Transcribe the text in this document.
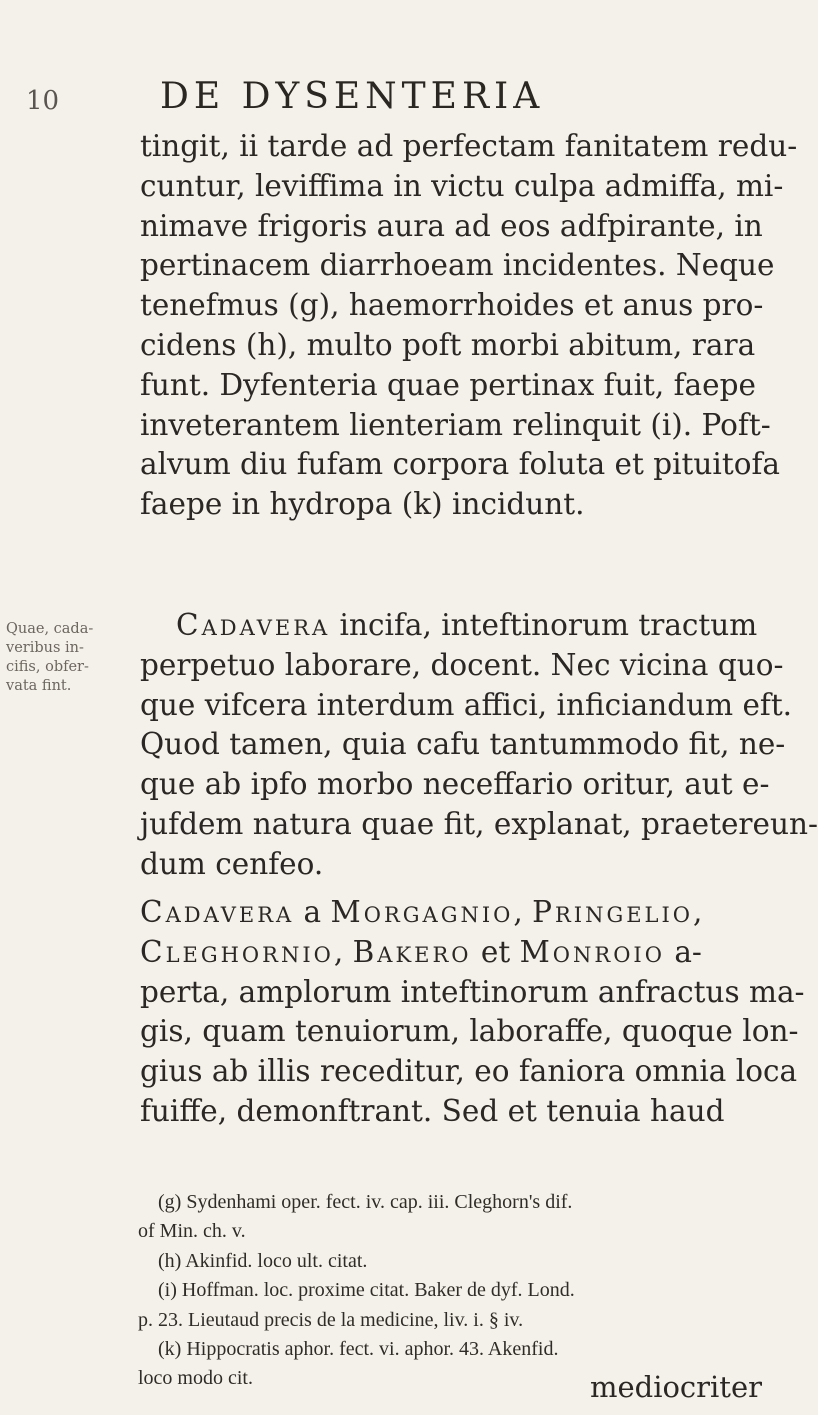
10	DE DYSENTERIA
tingit, ii tarde ad perfectam fanitatem redu-
cuntur, leviffima in victu culpa admiffa, mi-
nimave frigoris aura ad eos adfpirante, in
pertinacem diarrhoeam incidentes. Neque
tenefmus (g), haemorrhoides et anus pro-
cidens (h), multo poft morbi abitum, rara
funt. Dyfenteria quae pertinax fuit, faepe
inveterantem lienteriam relinquit (i). Poft-
alvum diu fufam corpora foluta et pituitofa
faepe in hydropa (k) incidunt.
Quae, cada-
veribus in-
cifis, obfer-
vata fint.
Cadavera incifa, inteftinorum tractum
perpetuo laborare, docent. Nec vicina quo-
que vifcera interdum affici, inficiandum eft.
Quod tamen, quia cafu tantummodo fit, ne-
que ab ipfo morbo neceffario oritur, aut e-
jufdem natura quae fit, explanat, praetereun-
dum cenfeo.
Cadavera a Morgagnio, Pringelio,
Cleghornio, Bakero et Monroio a-
perta, amplorum inteftinorum anfractus ma-
gis, quam tenuiorum, laboraffe, quoque lon-
gius ab illis receditur, eo faniora omnia loca
fuiffe, demonftrant. Sed et tenuia haud
(g) Sydenhami oper. fect. iv. cap. iii. Cleghorn's dif.
of Min. ch. v.
(h) Akinfid. loco ult. citat.
(i) Hoffman. loc. proxime citat. Baker de dyf. Lond.
p. 23. Lieutaud precis de la medicine, liv. i. § iv.
(k) Hippocratis aphor. fect. vi. aphor. 43. Akenfid.
loco modo cit.	mediocriter
